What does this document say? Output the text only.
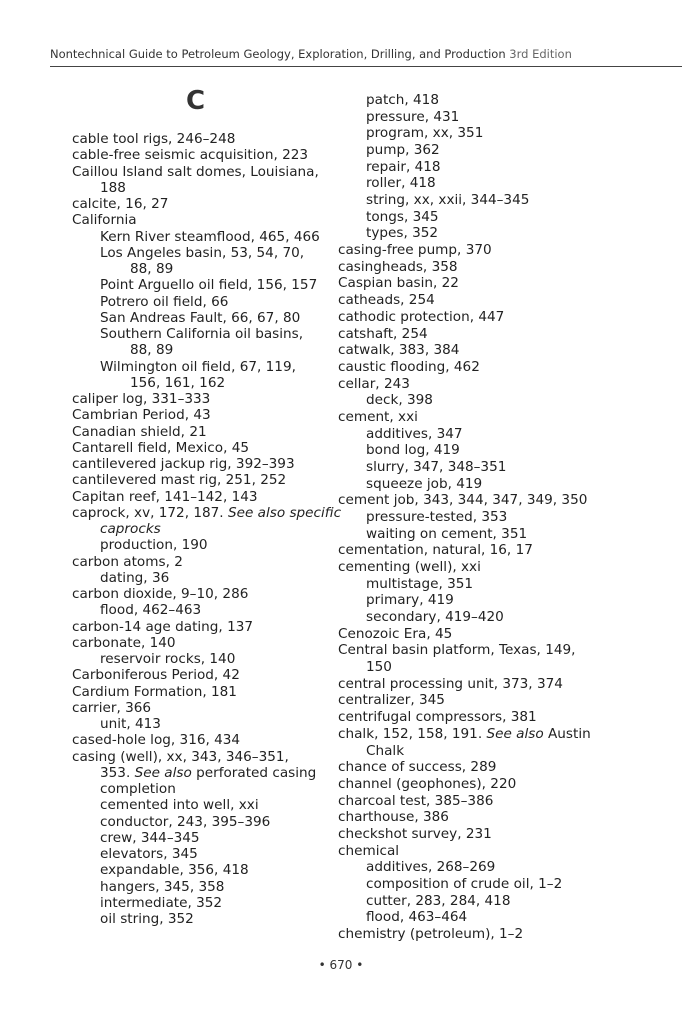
Nontechnical Guide to Petroleum Geology, Exploration, Drilling, and Production 3rd Edition
C
cable tool rigs, 246–248
cable-free seismic acquisition, 223
Caillou Island salt domes, Louisiana,
188
calcite, 16, 27
California
Kern River steamflood, 465, 466
Los Angeles basin, 53, 54, 70,
88, 89
Point Arguello oil field, 156, 157
Potrero oil field, 66
San Andreas Fault, 66, 67, 80
Southern California oil basins,
88, 89
Wilmington oil field, 67, 119,
156, 161, 162
caliper log, 331–333
Cambrian Period, 43
Canadian shield, 21
Cantarell field, Mexico, 45
cantilevered jackup rig, 392–393
cantilevered mast rig, 251, 252
Capitan reef, 141–142, 143
caprock, xv, 172, 187. See also specific
caprocks
production, 190
carbon atoms, 2
dating, 36
carbon dioxide, 9–10, 286
flood, 462–463
carbon-14 age dating, 137
carbonate, 140
reservoir rocks, 140
Carboniferous Period, 42
Cardium Formation, 181
carrier, 366
unit, 413
cased-hole log, 316, 434
casing (well), xx, 343, 346–351,
353. See also perforated casing
completion
cemented into well, xxi
conductor, 243, 395–396
crew, 344–345
elevators, 345
expandable, 356, 418
hangers, 345, 358
intermediate, 352
oil string, 352
patch, 418
pressure, 431
program, xx, 351
pump, 362
repair, 418
roller, 418
string, xx, xxii, 344–345
tongs, 345
types, 352
casing-free pump, 370
casingheads, 358
Caspian basin, 22
catheads, 254
cathodic protection, 447
catshaft, 254
catwalk, 383, 384
caustic flooding, 462
cellar, 243
deck, 398
cement, xxi
additives, 347
bond log, 419
slurry, 347, 348–351
squeeze job, 419
cement job, 343, 344, 347, 349, 350
pressure-tested, 353
waiting on cement, 351
cementation, natural, 16, 17
cementing (well), xxi
multistage, 351
primary, 419
secondary, 419–420
Cenozoic Era, 45
Central basin platform, Texas, 149,
150
central processing unit, 373, 374
centralizer, 345
centrifugal compressors, 381
chalk, 152, 158, 191. See also Austin
Chalk
chance of success, 289
channel (geophones), 220
charcoal test, 385–386
charthouse, 386
checkshot survey, 231
chemical
additives, 268–269
composition of crude oil, 1–2
cutter, 283, 284, 418
flood, 463–464
chemistry (petroleum), 1–2
• 670 •
